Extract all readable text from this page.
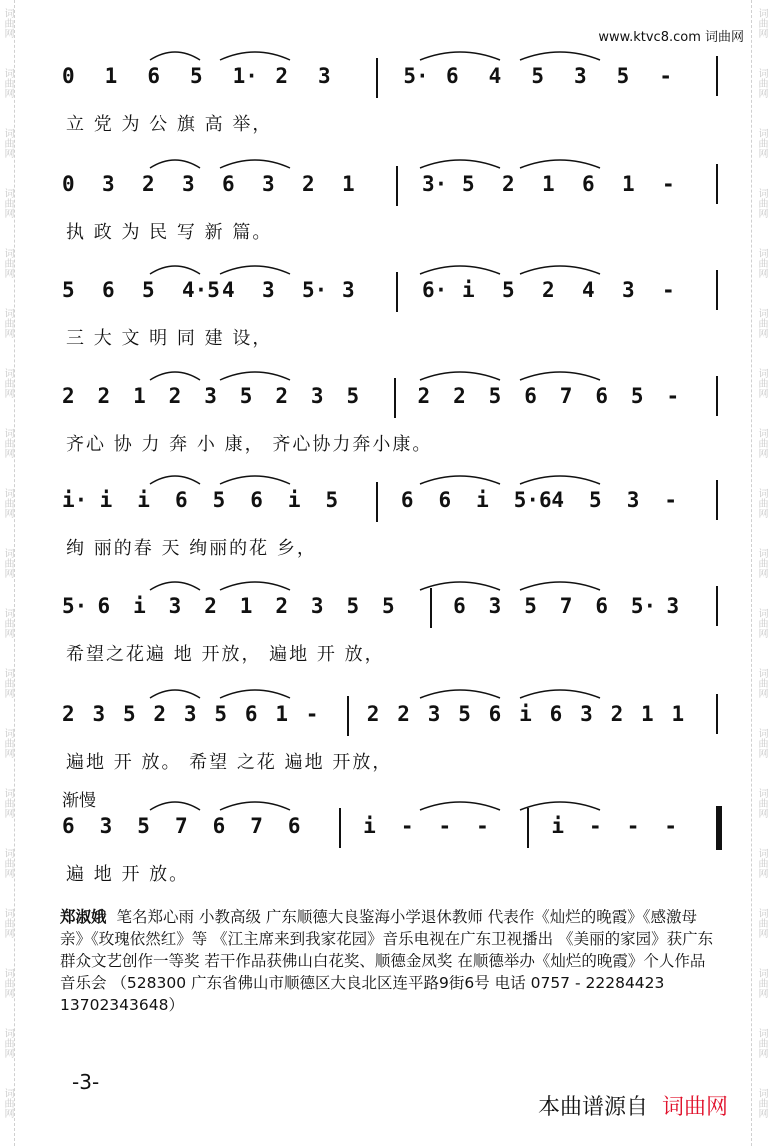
词曲网
词曲网
词曲网
词曲网
词曲网
词曲网
词曲网
词曲网
词曲网
词曲网
词曲网
词曲网
词曲网
词曲网
词曲网
词曲网
词曲网
词曲网
词曲网
词曲网
词曲网
词曲网
词曲网
词曲网
词曲网
词曲网
词曲网
词曲网
词曲网
词曲网
词曲网
词曲网
词曲网
词曲网
词曲网
词曲网
词曲网
词曲网
www.ktvc8.com 词曲网
0 1 6 5 1· 2 3	5· 6 4 5 3 5 -
立 党 为 公 旗 高 举，
0 3 2 3 6 3 2 1	3· 5 2 1 6 1 -
执 政 为 民 写 新 篇。
5 6 5 4·5 4 3 5· 3	6· i 5 2 4 3 -
三 大 文 明 同 建 设，
2 2 1 2 3 5 2 3 5	2 2 5 6 7 6 5 -
齐心 协 力 奔 小 康， 齐心协力奔小康。
i· i i 6 5 6 i 5	6 6 i 5·6 4 5 3 -
绚 丽的春 天 绚丽的花 乡，
5· 6 i 3 2 1 2 3 5 5	6 3 5 7 6 5· 3
希望之花遍 地 开放， 遍地 开 放，
2 3 5 2 3 5 6 1 - 2 2 3 5 6 i 6 3 2 1 1
遍地 开 放。 希望 之花 遍地 开放，
6 3 5 7 6 7 6	i - - -	i - - -
渐慢
遍 地 开 放。
郑淑娥 笔名郑心雨 小教高级 广东顺德大良鉴海小学退休教师 代表作《灿烂的晚霞》《感激母亲》《玫瑰依然红》等 《江主席来到我家花园》音乐电视在广东卫视播出 《美丽的家园》获广东群众文艺创作一等奖 若干作品获佛山白花奖、顺德金凤奖 在顺德举办《灿烂的晚霞》个人作品音乐会 （528300 广东省佛山市顺德区大良北区连平路9街6号 电话 0757 - 22284423 13702343648）
-3-
本曲谱源自 词曲网
